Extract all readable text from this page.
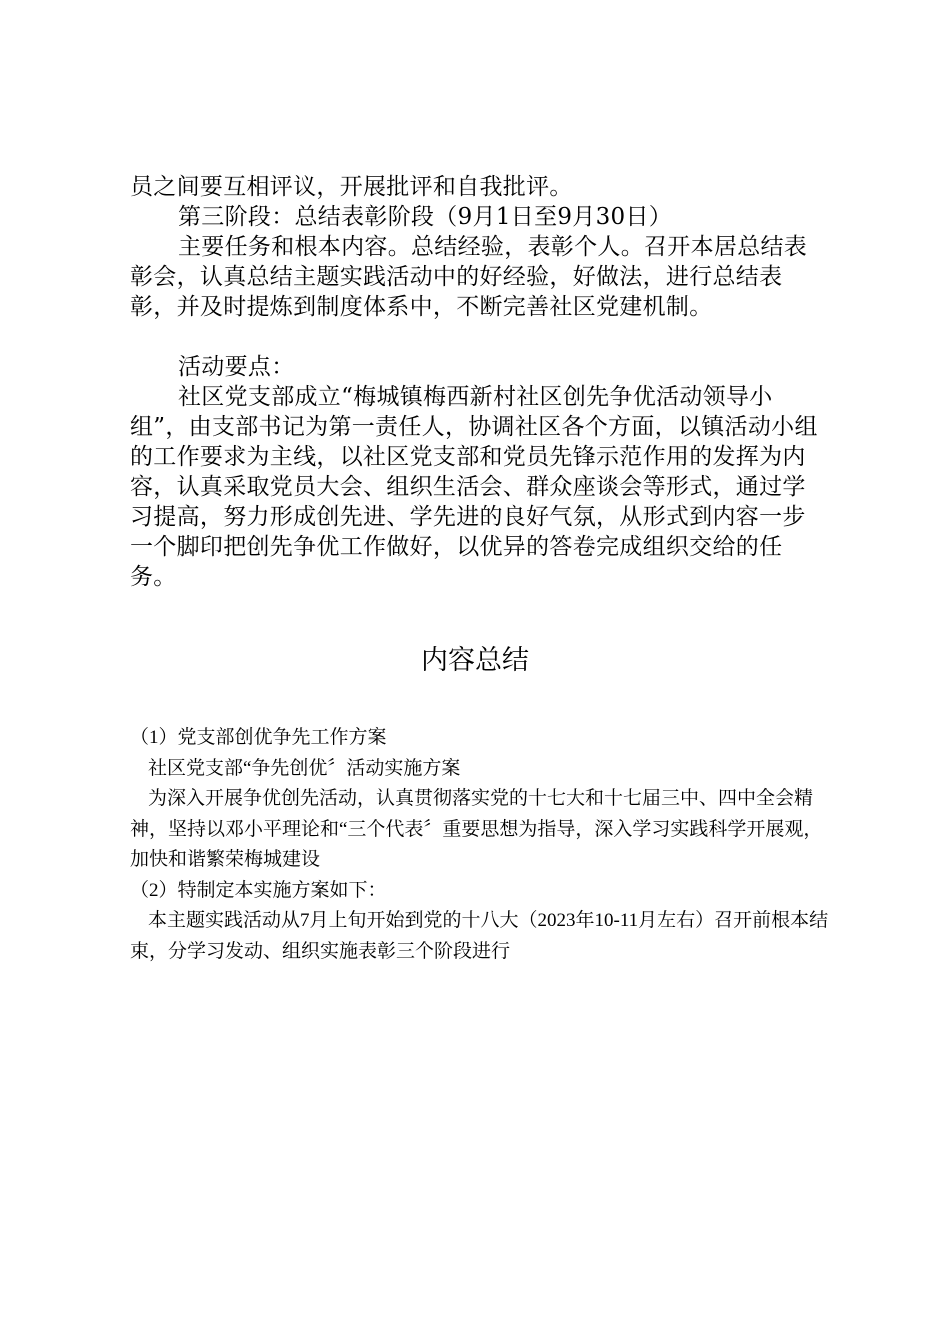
员之间要互相评议，开展批评和自我批评。

第三阶段：总结表彰阶段（9月1日至9月30日）

主要任务和根本内容。总结经验，表彰个人。召开本居总结表彰会，认真总结主题实践活动中的好经验，好做法，进行总结表彰，并及时提炼到制度体系中，不断完善社区党建机制。

活动要点：

社区党支部成立“梅城镇梅西新村社区创先争优活动领导小组”，由支部书记为第一责任人，协调社区各个方面，以镇活动小组的工作要求为主线，以社区党支部和党员先锋示范作用的发挥为内容，认真采取党员大会、组织生活会、群众座谈会等形式，通过学习提高，努力形成创先进、学先进的良好气氛，从形式到内容一步一个脚印把创先争优工作做好，以优异的答卷完成组织交给的任务。

内容总结

（1）党支部创优争先工作方案

社区党支部“争先创优〞活动实施方案

为深入开展争优创先活动，认真贯彻落实党的十七大和十七届三中、四中全会精神，坚持以邓小平理论和“三个代表〞重要思想为指导，深入学习实践科学开展观，加快和谐繁荣梅城建设

（2）特制定本实施方案如下：

本主题实践活动从7月上旬开始到党的十八大（2023年10-11月左右）召开前根本结束，分学习发动、组织实施表彰三个阶段进行
